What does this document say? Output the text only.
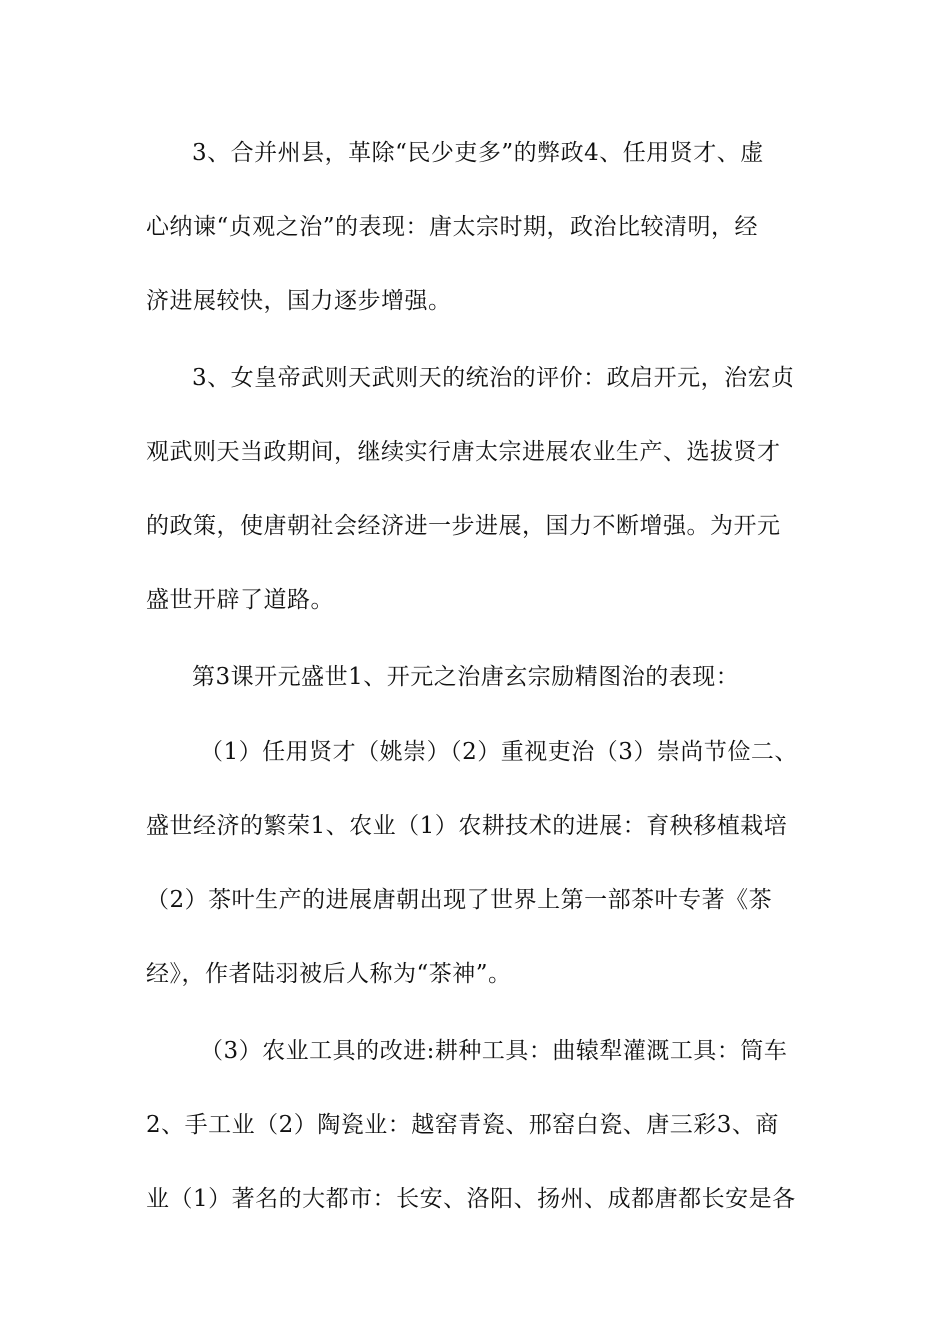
3、合并州县，革除“民少吏多”的弊政4、任用贤才、虚
心纳谏“贞观之治”的表现：唐太宗时期，政治比较清明，经
济进展较快，国力逐步增强。
3、女皇帝武则天武则天的统治的评价：政启开元，治宏贞
观武则天当政期间，继续实行唐太宗进展农业生产、选拔贤才
的政策，使唐朝社会经济进一步进展，国力不断增强。为开元
盛世开辟了道路。
第3课开元盛世1、开元之治唐玄宗励精图治的表现：
（1）任用贤才（姚崇）（2）重视吏治（3）崇尚节俭二、
盛世经济的繁荣1、农业（1）农耕技术的进展：育秧移植栽培
（2）茶叶生产的进展唐朝出现了世界上第一部茶叶专著《茶
经》，作者陆羽被后人称为“茶神”。
（3）农业工具的改进:耕种工具：曲辕犁灌溉工具：筒车
2、手工业（2）陶瓷业：越窑青瓷、邢窑白瓷、唐三彩3、商
业（1）著名的大都市：长安、洛阳、扬州、成都唐都长安是各
